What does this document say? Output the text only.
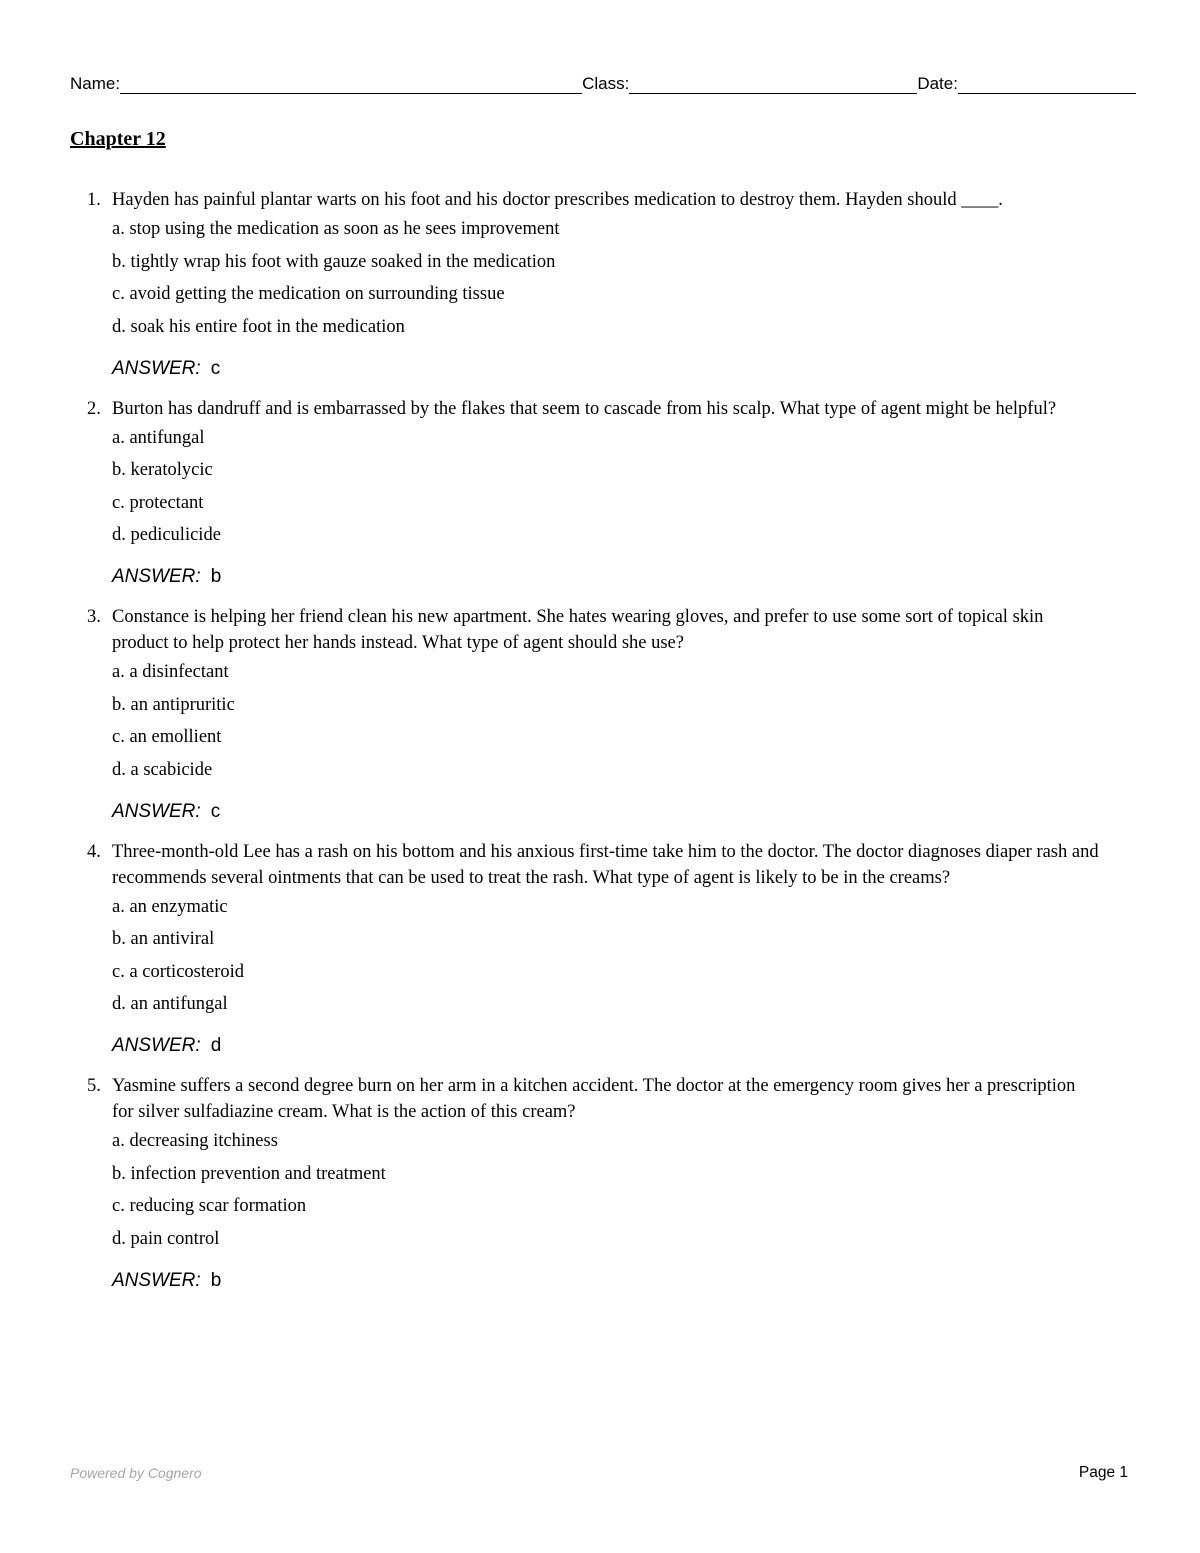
Name:	Class:	Date:
Chapter 12
1. Hayden has painful plantar warts on his foot and his doctor prescribes medication to destroy them. Hayden should ____.
a. stop using the medication as soon as he sees improvement
b. tightly wrap his foot with gauze soaked in the medication
c. avoid getting the medication on surrounding tissue
d. soak his entire foot in the medication
ANSWER: c
2. Burton has dandruff and is embarrassed by the flakes that seem to cascade from his scalp. What type of agent might be helpful?
a. antifungal
b. keratolycic
c. protectant
d. pediculicide
ANSWER: b
3. Constance is helping her friend clean his new apartment. She hates wearing gloves, and prefer to use some sort of topical skin product to help protect her hands instead. What type of agent should she use?
a. a disinfectant
b. an antipruritic
c. an emollient
d. a scabicide
ANSWER: c
4. Three-month-old Lee has a rash on his bottom and his anxious first-time take him to the doctor. The doctor diagnoses diaper rash and recommends several ointments that can be used to treat the rash. What type of agent is likely to be in the creams?
a. an enzymatic
b. an antiviral
c. a corticosteroid
d. an antifungal
ANSWER: d
5. Yasmine suffers a second degree burn on her arm in a kitchen accident. The doctor at the emergency room gives her a prescription for silver sulfadiazine cream. What is the action of this cream?
a. decreasing itchiness
b. infection prevention and treatment
c. reducing scar formation
d. pain control
ANSWER: b
Powered by Cognero	Page 1
